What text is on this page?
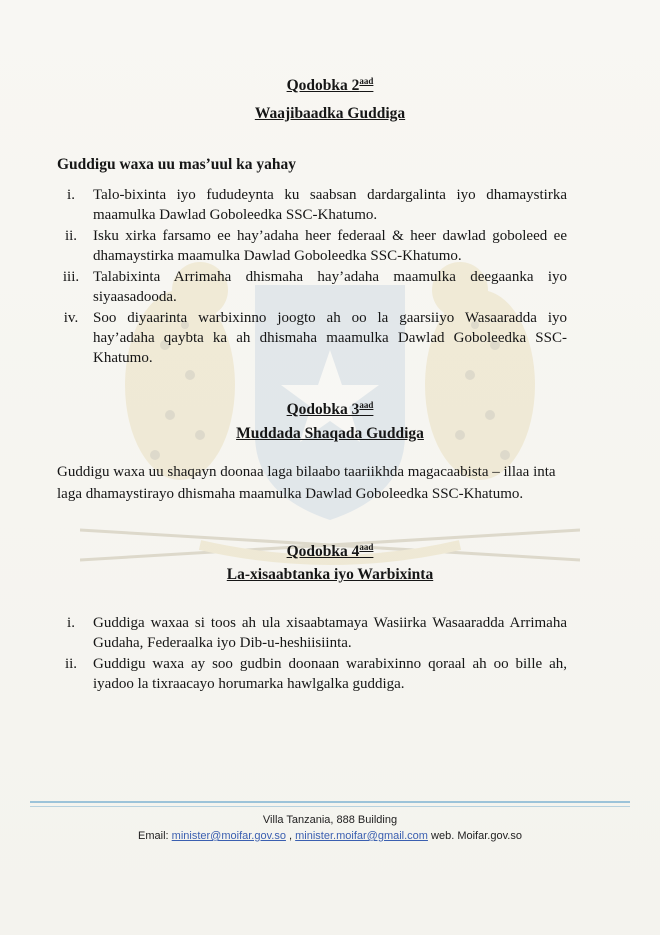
Qodobka $2^{aad}$
Waajibaadka Guddiga
Guddigu waxa uu mas’uul ka yahay
i.	Talo-bixinta iyo fududeynta ku saabsan dardargalinta iyo dhamaystirka maamulka Dawlad Goboleedka SSC-Khatumo.
ii.	Isku xirka farsamo ee hay’adaha heer federaal & heer dawlad goboleed ee dhamaystirka maamulka Dawlad Goboleedka SSC-Khatumo.
iii. Talabixinta Arrimaha dhismaha hay’adaha maamulka deegaanka iyo siyaasadooda.
iv. Soo diyaarinta warbixinno joogto ah oo la gaarsiiyo Wasaaradda iyo hay’adaha qaybta ka ah dhismaha maamulka Dawlad Goboleedka SSC-Khatumo.
Qodobka $3^{aad}$
Muddada Shaqada Guddiga
Guddigu waxa uu shaqayn doonaa laga bilaabo taariikhda magacaabista – illaa inta laga dhamaystirayo dhismaha maamulka Dawlad Goboleedka SSC-Khatumo.
Qodobka $4^{aad}$
La-xisaabtanka iyo Warbixinta
i.	Guddiga waxaa si toos ah ula xisaabtamaya Wasiirka Wasaaradda Arrimaha Gudaha, Federaalka iyo Dib-u-heshiisiinta.
ii.	Guddigu waxa ay soo gudbin doonaan warabixinno qoraal ah oo bille ah, iyadoo la tixraacayo horumarka hawlgalka guddiga.
Villa Tanzania, 888 Building
Email: minister@moifar.gov.so , minister.moifar@gmail.com web. Moifar.gov.so
